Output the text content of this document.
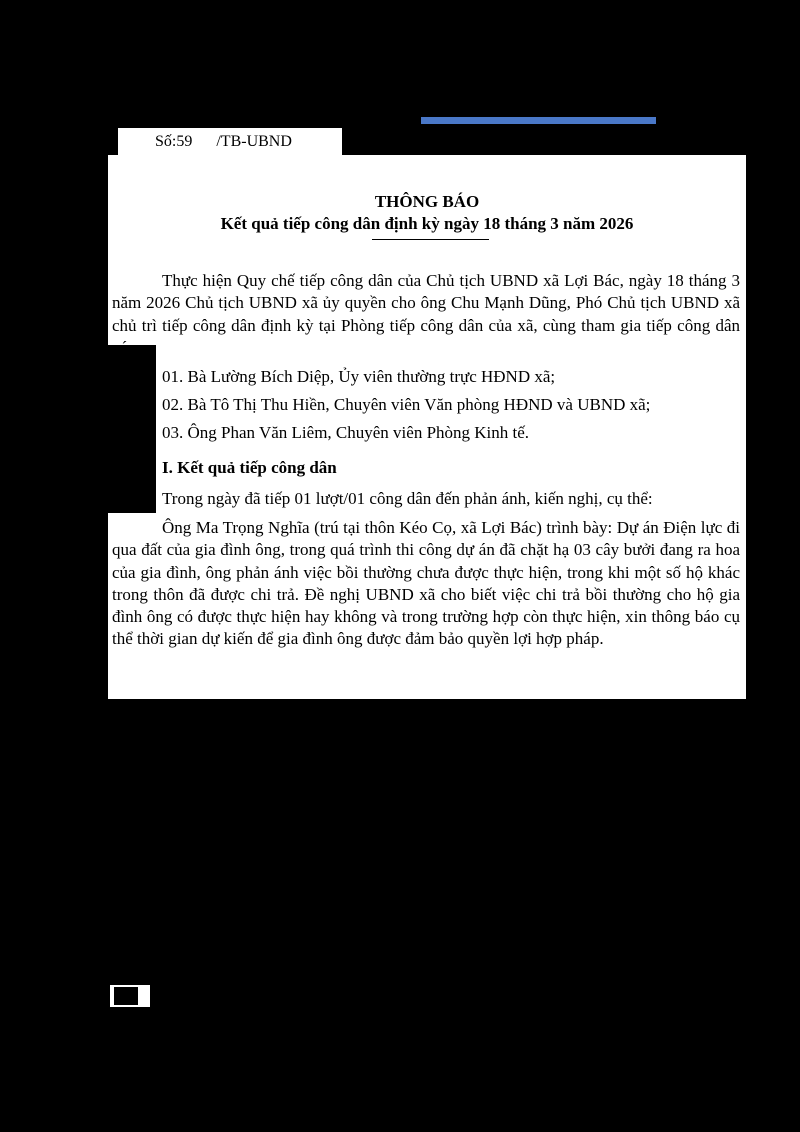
Số:59 /TB-UBND
THÔNG BÁO
Kết quả tiếp công dân định kỳ ngày 18 tháng 3 năm 2026
Thực hiện Quy chế tiếp công dân của Chủ tịch UBND xã Lợi Bác, ngày 18 tháng 3 năm 2026 Chủ tịch UBND xã ủy quyền cho ông Chu Mạnh Dũng, Phó Chủ tịch UBND xã chủ trì tiếp công dân định kỳ tại Phòng tiếp công dân của xã, cùng tham gia tiếp công dân có:
01. Bà Lường Bích Diệp, Ủy viên thường trực HĐND xã;
02. Bà Tô Thị Thu Hiền, Chuyên viên Văn phòng HĐND và UBND xã;
03. Ông Phan Văn Liêm, Chuyên viên Phòng Kinh tế.
I. Kết quả tiếp công dân
Trong ngày đã tiếp 01 lượt/01 công dân đến phản ánh, kiến nghị, cụ thể:
Ông Ma Trọng Nghĩa (trú tại thôn Kéo Cọ, xã Lợi Bác) trình bày: Dự án Điện lực đi qua đất của gia đình ông, trong quá trình thi công dự án đã chặt hạ 03 cây bưởi đang ra hoa của gia đình, ông phản ánh việc bồi thường chưa được thực hiện, trong khi một số hộ khác trong thôn đã được chi trả. Đề nghị UBND xã cho biết việc chi trả bồi thường cho hộ gia đình ông có được thực hiện hay không và trong trường hợp còn thực hiện, xin thông báo cụ thể thời gian dự kiến để gia đình ông được đảm bảo quyền lợi hợp pháp.
